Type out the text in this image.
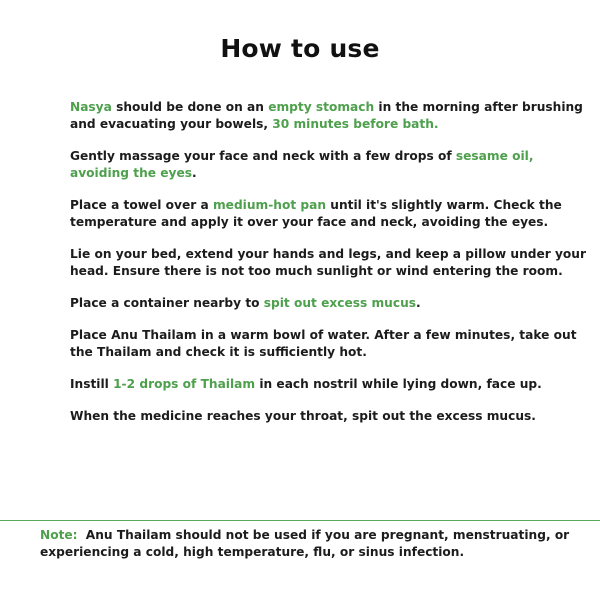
How to use
Nasya should be done on an empty stomach in the morning after brushing and evacuating your bowels, 30 minutes before bath.
Gently massage your face and neck with a few drops of sesame oil,
avoiding the eyes.
Place a towel over a medium-hot pan until it's slightly warm. Check the temperature and apply it over your face and neck, avoiding the eyes.
Lie on your bed, extend your hands and legs, and keep a pillow under your head. Ensure there is not too much sunlight or wind entering the room.
Place a container nearby to spit out excess mucus.
Place Anu Thailam in a warm bowl of water. After a few minutes, take out the Thailam and check it is sufficiently hot.
Instill 1-2 drops of Thailam in each nostril while lying down, face up.
When the medicine reaches your throat, spit out the excess mucus.
Note: Anu Thailam should not be used if you are pregnant, menstruating, or experiencing a cold, high temperature, flu, or sinus infection.
